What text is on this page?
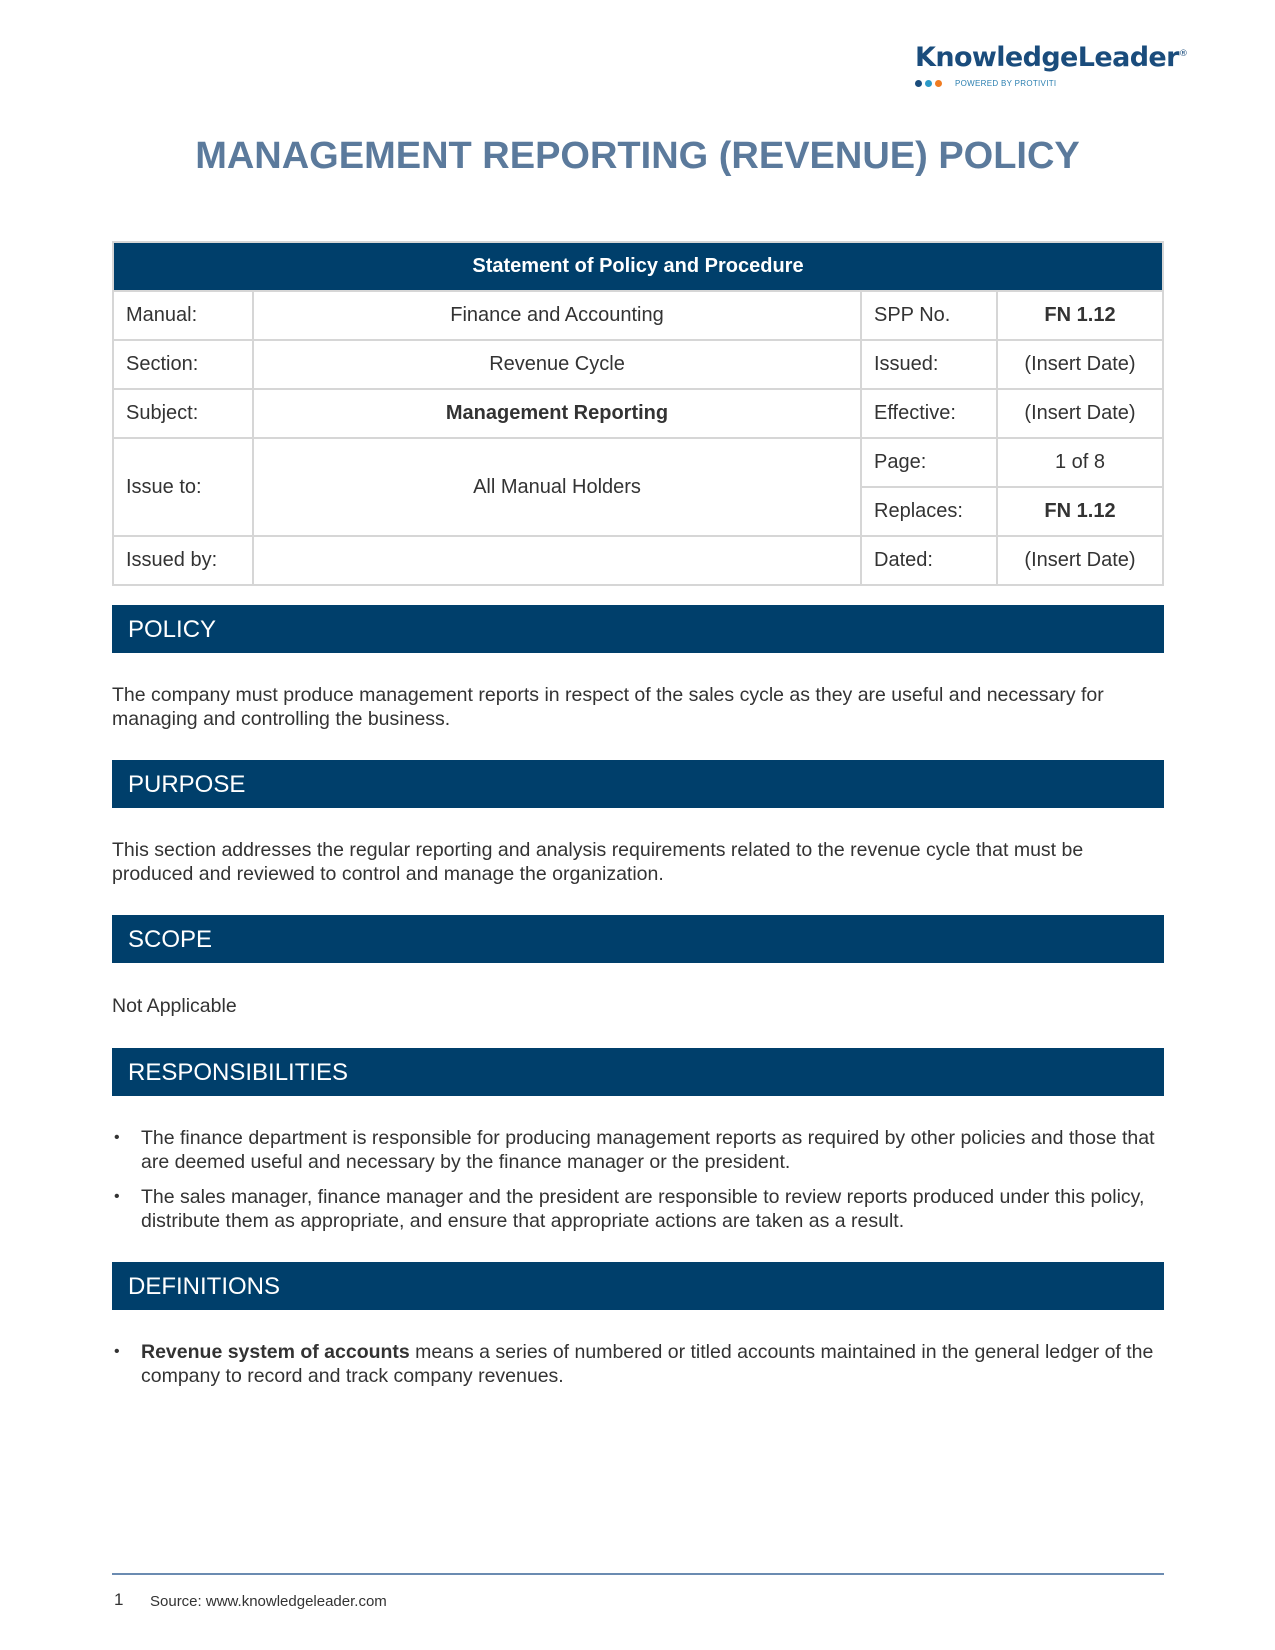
KnowledgeLeader®
POWERED BY PROTIVITI
MANAGEMENT REPORTING (REVENUE) POLICY
Statement of Policy and Procedure			
Manual:	Finance and Accounting	SPP No.	FN 1.12
Section:	Revenue Cycle	Issued:	(Insert Date)
Subject:	Management Reporting	Effective:	(Insert Date)
Issue to:	All Manual Holders	Page:	1 of 8
		Replaces:	FN 1.12
Issued by:		Dated:	(Insert Date)
POLICY

The company must produce management reports in respect of the sales cycle as they are useful and necessary for managing and controlling the business.

PURPOSE

This section addresses the regular reporting and analysis requirements related to the revenue cycle that must be produced and reviewed to control and manage the organization.

SCOPE

Not Applicable

RESPONSIBILITIES
• The finance department is responsible for producing management reports as required by other policies and those that are deemed useful and necessary by the finance manager or the president.
• The sales manager, finance manager and the president are responsible to review reports produced under this policy, distribute them as appropriate, and ensure that appropriate actions are taken as a result.
DEFINITIONS
• Revenue system of accounts means a series of numbered or titled accounts maintained in the general ledger of the company to record and track company revenues.
1 Source: www.knowledgeleader.com
